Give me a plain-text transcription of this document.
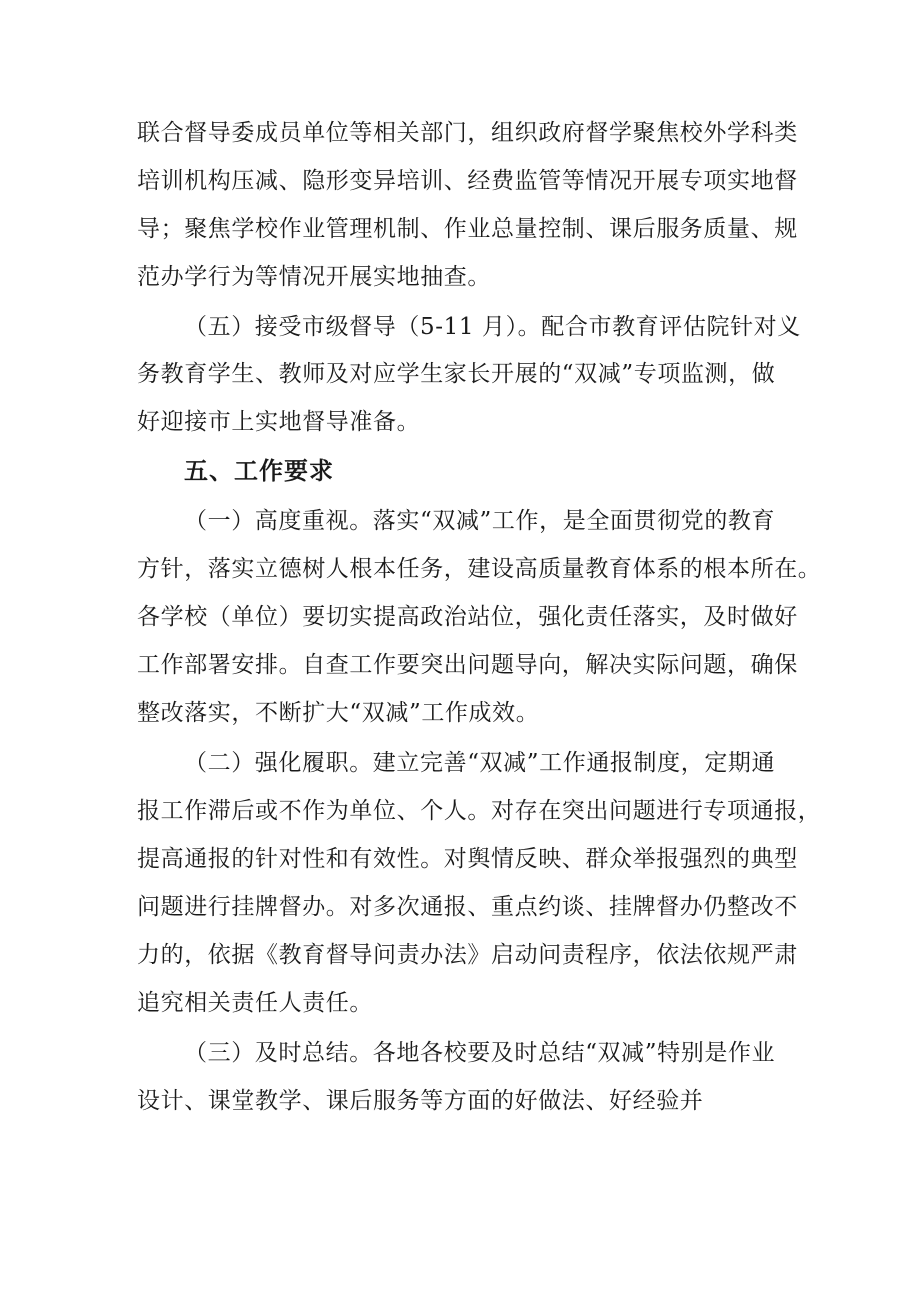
联合督导委成员单位等相关部门，组织政府督学聚焦校外学科类
培训机构压减、隐形变异培训、经费监管等情况开展专项实地督
导；聚焦学校作业管理机制、作业总量控制、课后服务质量、规
范办学行为等情况开展实地抽查。
（五）接受市级督导（5-11 月）。配合市教育评估院针对义
务教育学生、教师及对应学生家长开展的“双减”专项监测，做
好迎接市上实地督导准备。
五、工作要求
（一）高度重视。落实“双减”工作，是全面贯彻党的教育
方针，落实立德树人根本任务，建设高质量教育体系的根本所在。
各学校（单位）要切实提高政治站位，强化责任落实，及时做好
工作部署安排。自查工作要突出问题导向，解决实际问题，确保
整改落实，不断扩大“双减”工作成效。
（二）强化履职。建立完善“双减”工作通报制度，定期通
报工作滞后或不作为单位、个人。对存在突出问题进行专项通报，
提高通报的针对性和有效性。对舆情反映、群众举报强烈的典型
问题进行挂牌督办。对多次通报、重点约谈、挂牌督办仍整改不
力的，依据《教育督导问责办法》启动问责程序，依法依规严肃
追究相关责任人责任。
（三）及时总结。各地各校要及时总结“双减”特别是作业
设计、课堂教学、课后服务等方面的好做法、好经验并
